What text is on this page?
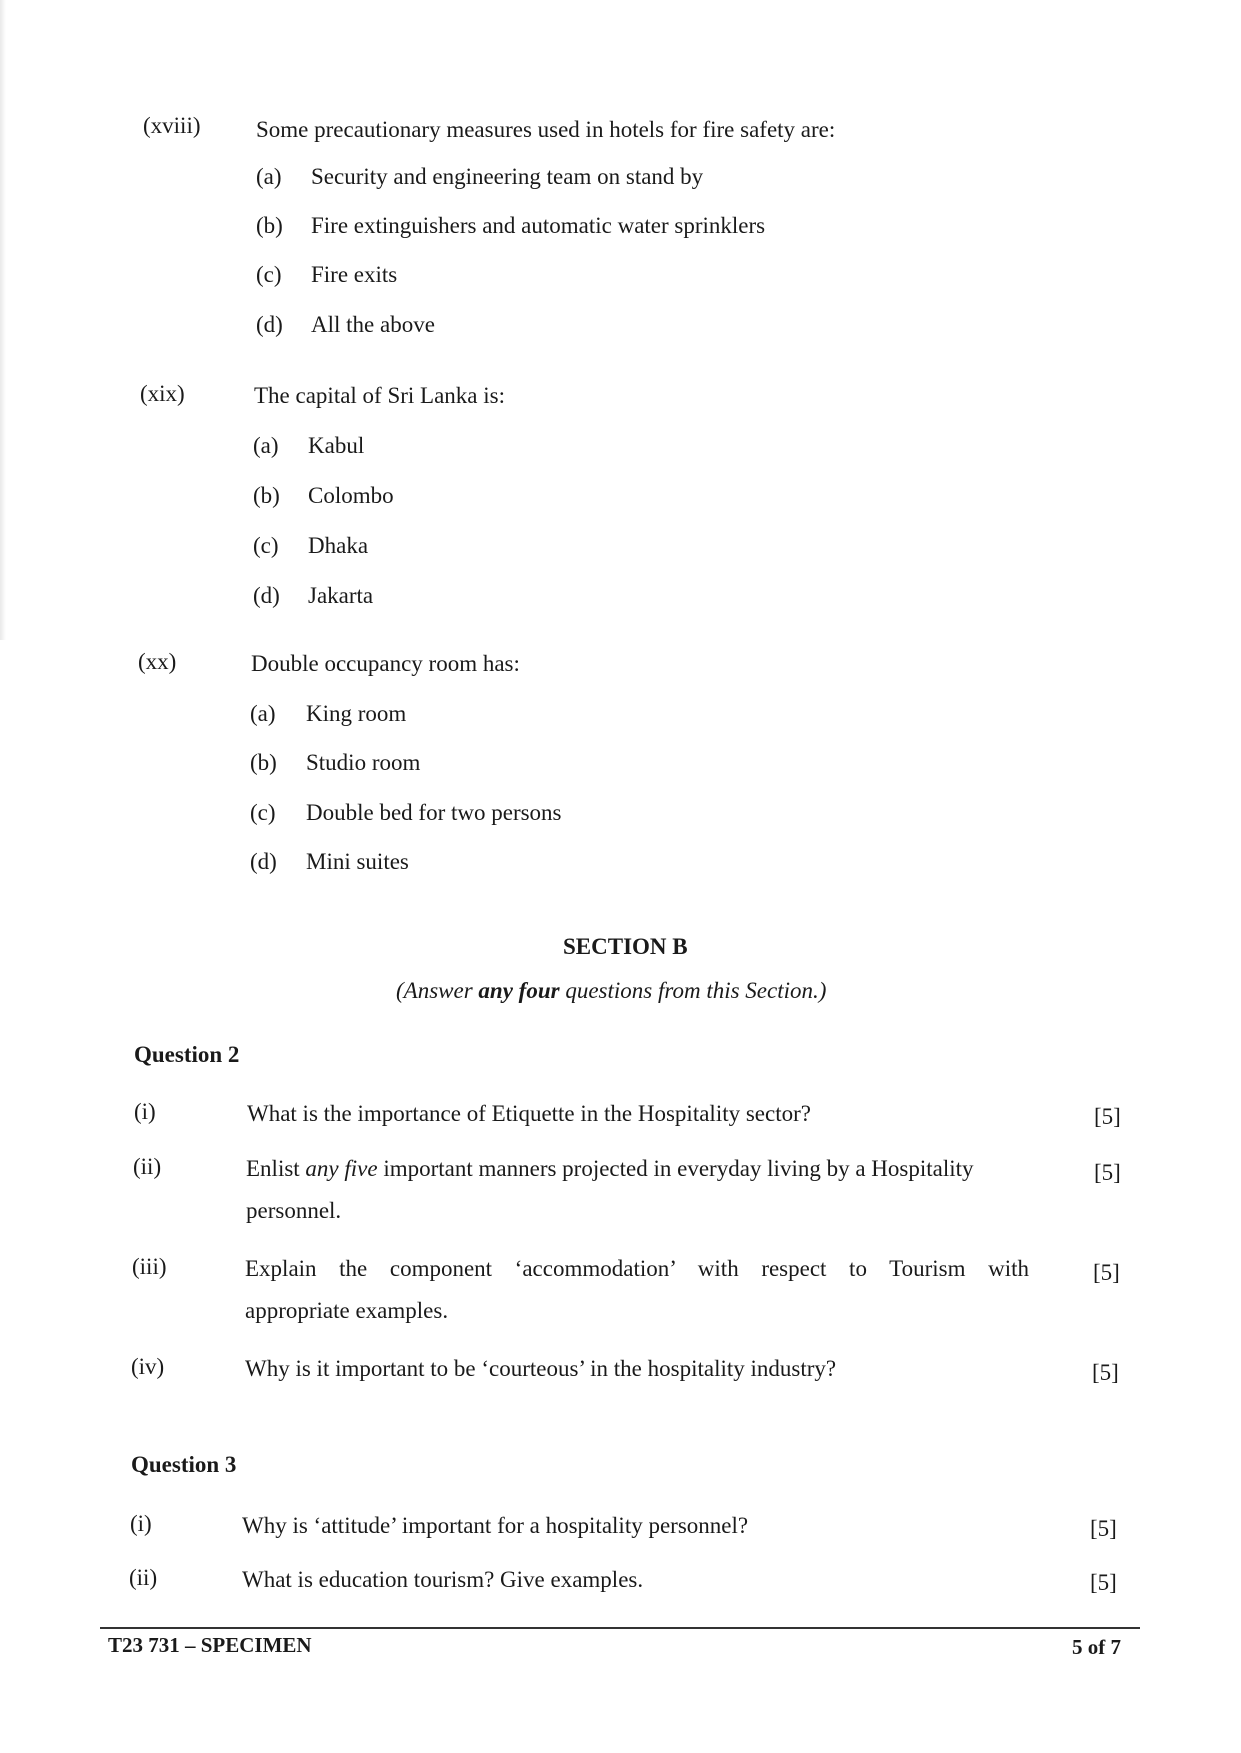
(xviii) Some precautionary measures used in hotels for fire safety are:
(a) Security and engineering team on stand by
(b) Fire extinguishers and automatic water sprinklers
(c) Fire exits
(d) All the above
(xix)	The capital of Sri Lanka is:
(a) Kabul
(b) Colombo
(c) Dhaka
(d) Jakarta
(xx)	Double occupancy room has:
(a) King room
(b) Studio room
(c) Double bed for two persons
(d) Mini suites
SECTION B
(Answer any four questions from this Section.)
Question 2
(i)	What is the importance of Etiquette in the Hospitality sector?	[5]
(ii)	Enlist any five important manners projected in everyday living by a Hospitality
personnel.
[5]
(iii)	Explain the component ‘accommodation’ with respect to Tourism with
appropriate examples.
[5]
(iv)	Why is it important to be ‘courteous’ in the hospitality industry?	[5]
Question 3
(i)	Why is ‘attitude’ important for a hospitality personnel?	[5]
(ii)	What is education tourism? Give examples.	[5]
T23 731 – SPECIMEN	5 of 7
